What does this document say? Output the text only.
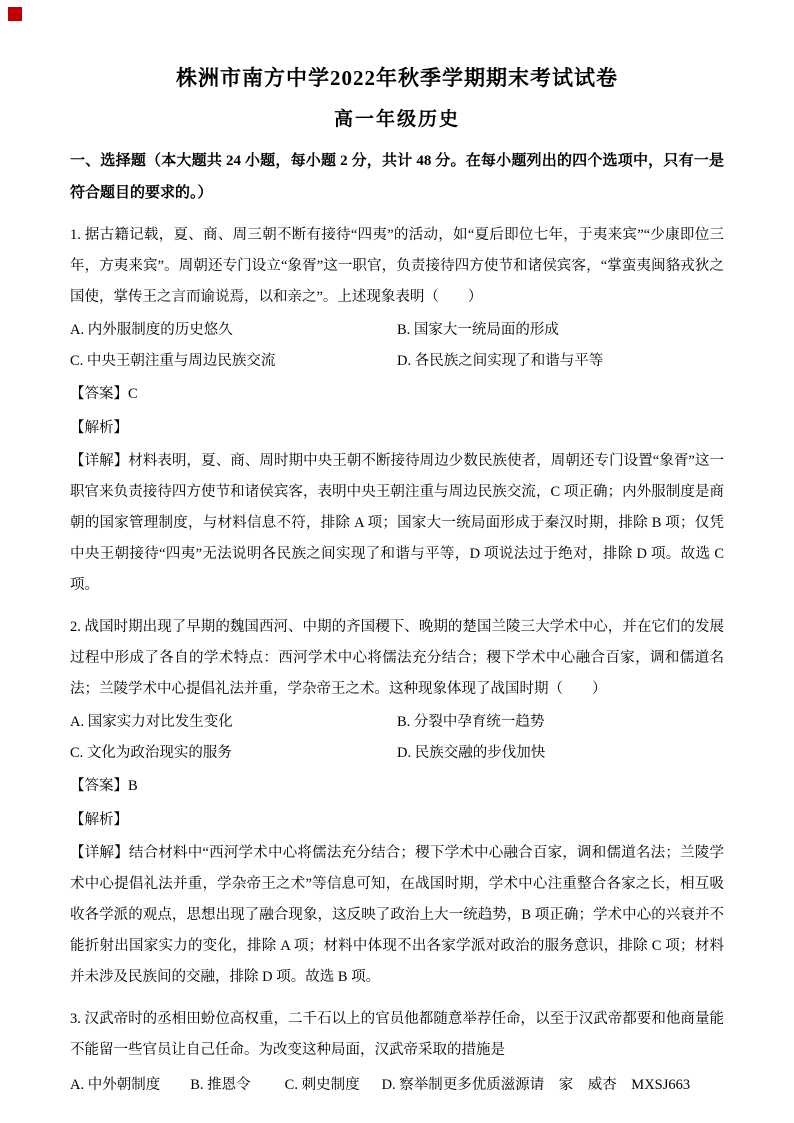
株洲市南方中学2022年秋季学期期末考试试卷
高一年级历史

一、选择题（本大题共 24 小题，每小题 2 分，共计 48 分。在每小题列出的四个选项中，只有一是符合题目的要求的。）

1. 据古籍记载，夏、商、周三朝不断有接待“四夷”的活动，如“夏后即位七年，于夷来宾”“少康即位三年，方夷来宾”。周朝还专门设立“象胥”这一职官，负责接待四方使节和诸侯宾客，“掌蛮夷闽貉戎狄之国使，掌传王之言而谕说焉，以和亲之”。上述现象表明（　　）

A. 内外服制度的历史悠久	B. 国家大一统局面的形成
C. 中央王朝注重与周边民族交流	D. 各民族之间实现了和谐与平等

【答案】C

【解析】

【详解】材料表明，夏、商、周时期中央王朝不断接待周边少数民族使者，周朝还专门设置“象胥”这一职官来负责接待四方使节和诸侯宾客，表明中央王朝注重与周边民族交流，C 项正确；内外服制度是商朝的国家管理制度，与材料信息不符，排除 A 项；国家大一统局面形成于秦汉时期，排除 B 项；仅凭中央王朝接待“四夷”无法说明各民族之间实现了和谐与平等，D 项说法过于绝对，排除 D 项。故选 C 项。

2. 战国时期出现了早期的魏国西河、中期的齐国稷下、晚期的楚国兰陵三大学术中心，并在它们的发展过程中形成了各自的学术特点：西河学术中心将儒法充分结合；稷下学术中心融合百家，调和儒道名法；兰陵学术中心提倡礼法并重，学杂帝王之术。这种现象体现了战国时期（　　）

A. 国家实力对比发生变化	B. 分裂中孕育统一趋势
C. 文化为政治现实的服务	D. 民族交融的步伐加快

【答案】B

【解析】

【详解】结合材料中“西河学术中心将儒法充分结合；稷下学术中心融合百家，调和儒道名法；兰陵学术中心提倡礼法并重，学杂帝王之术”等信息可知，在战国时期，学术中心注重整合各家之长，相互吸收各学派的观点，思想出现了融合现象，这反映了政治上大一统趋势，B 项正确；学术中心的兴衰并不能折射出国家实力的变化，排除 A 项；材料中体现不出各家学派对政治的服务意识，排除 C 项；材料并未涉及民族间的交融，排除 D 项。故选 B 项。

3. 汉武帝时的丞相田蚡位高权重，二千石以上的官员他都随意举荐任命，以至于汉武帝都要和他商量能不能留一些官员让自己任命。为改变这种局面，汉武帝采取的措施是

A. 中外朝制度 B. 推恩令 C. 刺史制度 D. 察举制 更多优质滋源请　家　威杏　MXSJ663
